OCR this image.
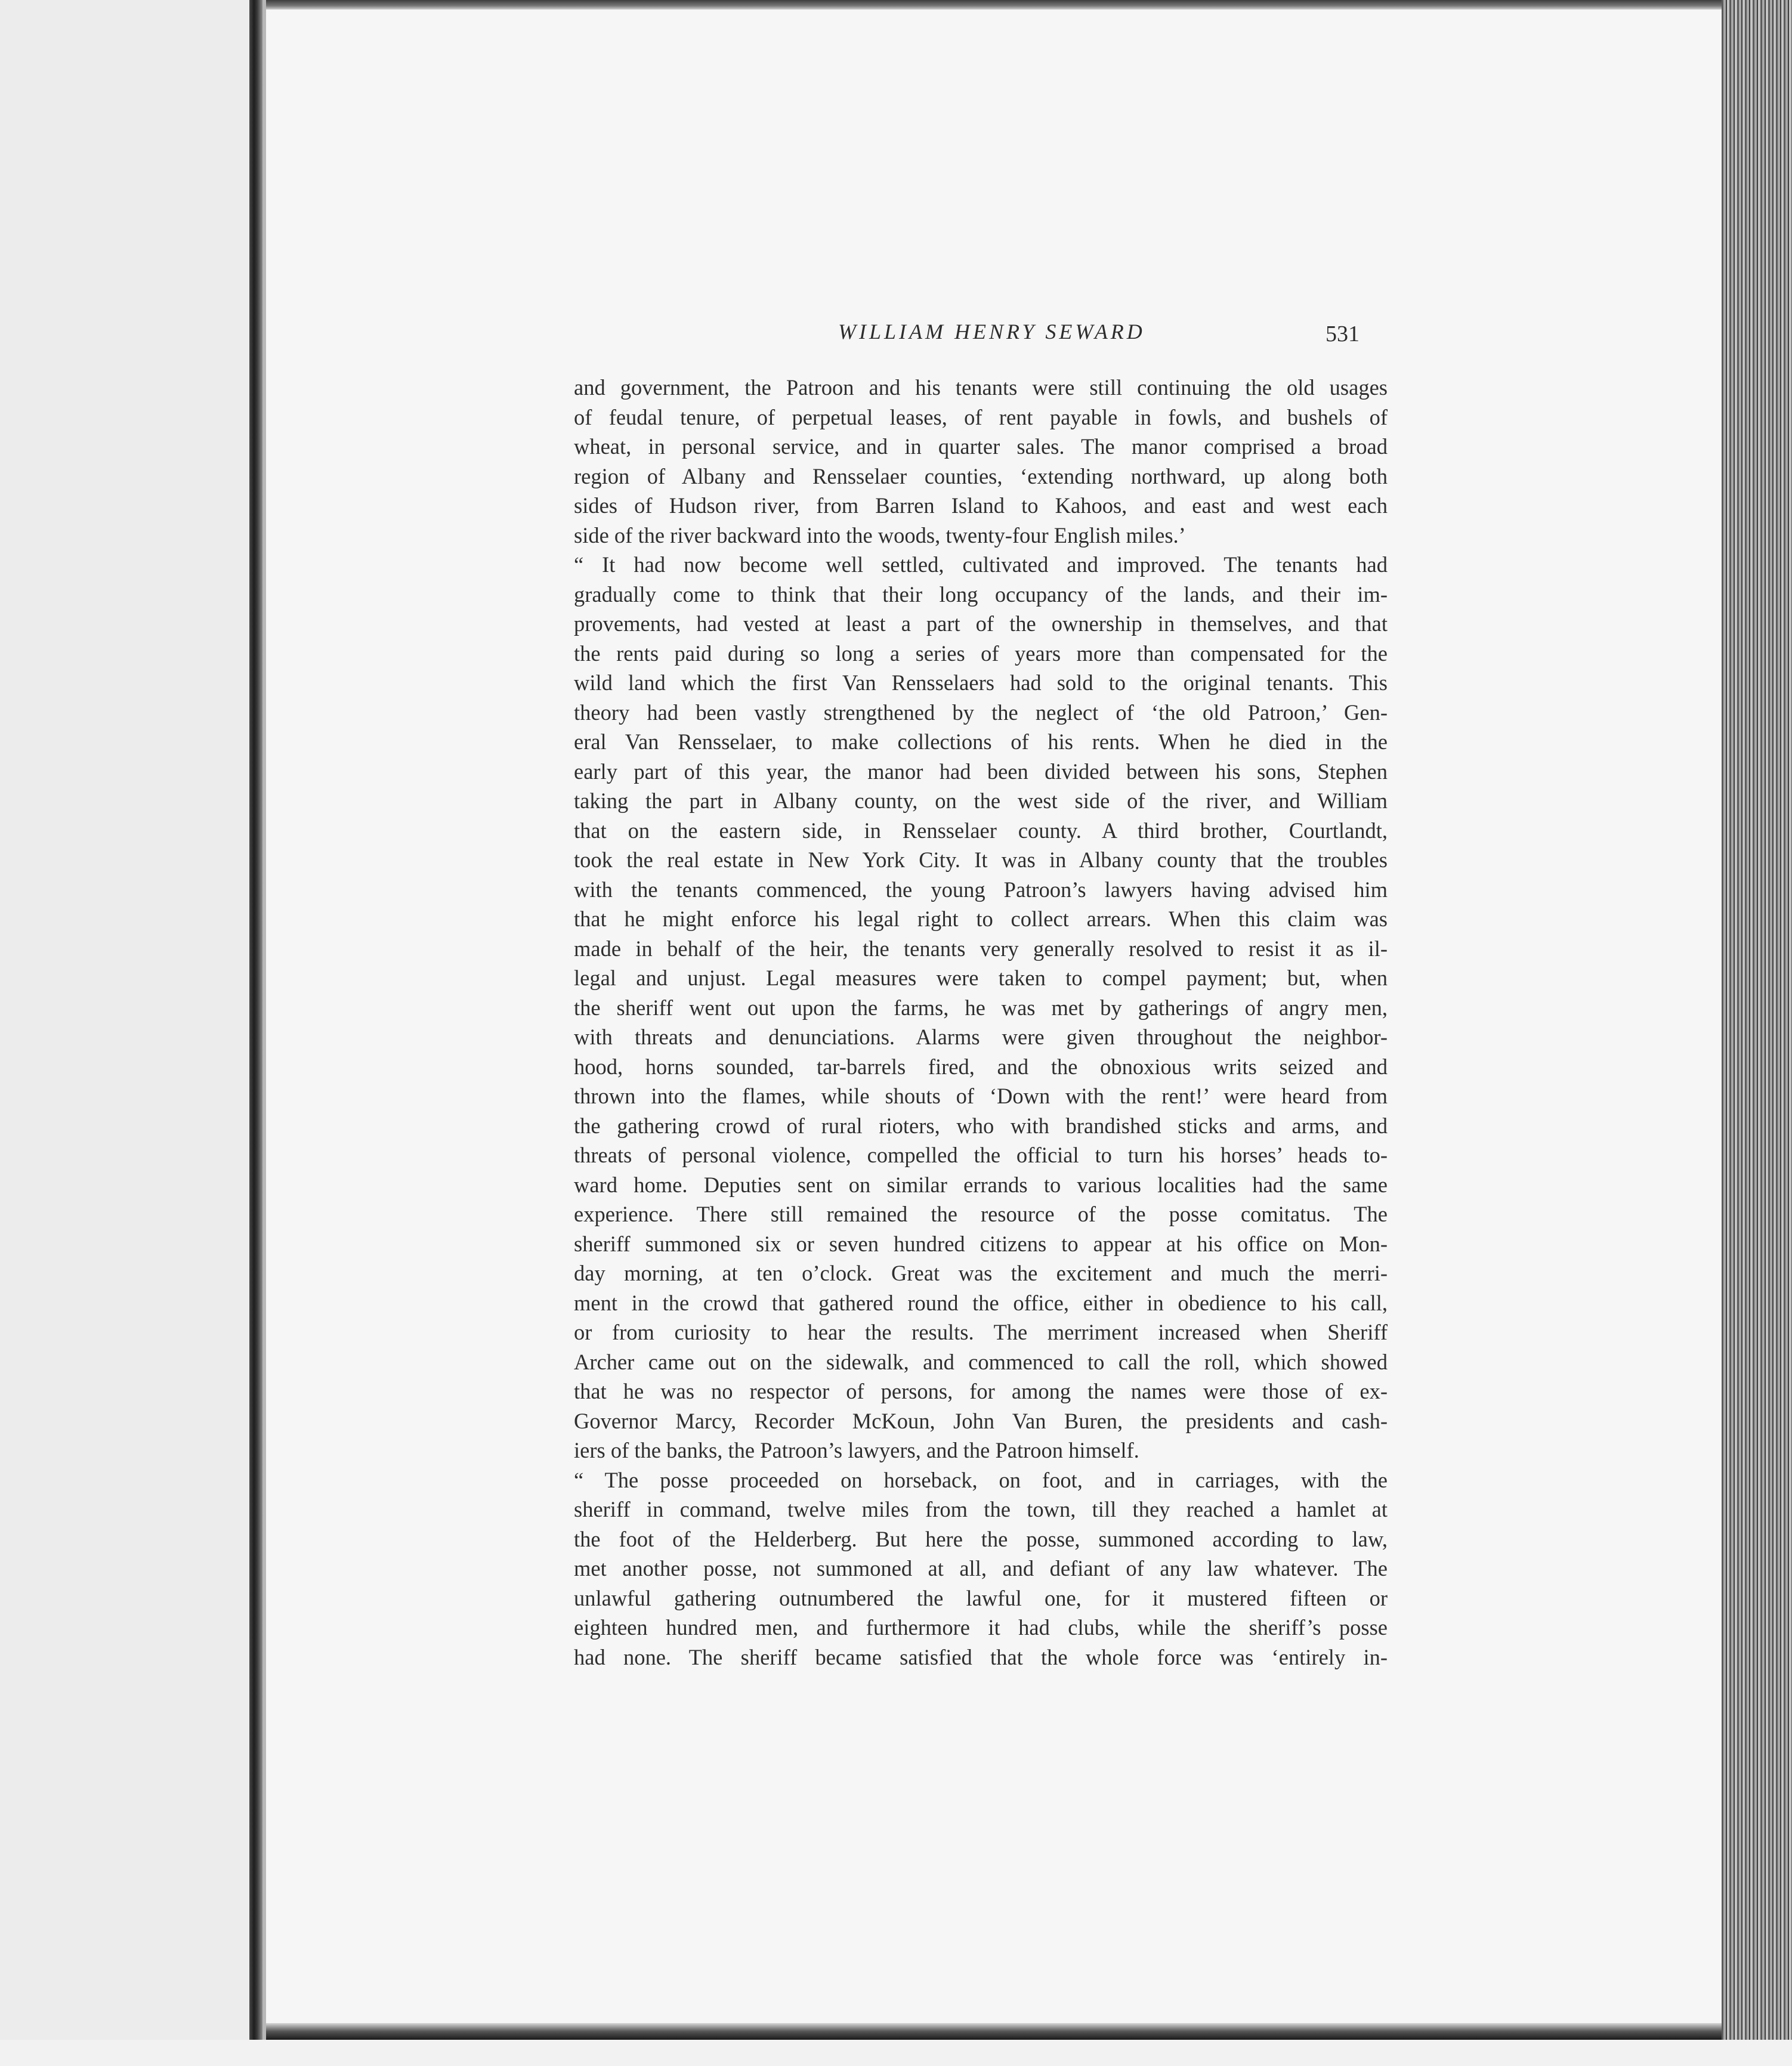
WILLIAM HENRY SEWARD	531

and government, the Patroon and his tenants were still continuing the old usages

of feudal tenure, of perpetual leases, of rent payable in fowls, and bushels of

wheat, in personal service, and in quarter sales. The manor comprised a broad

region of Albany and Rensselaer counties, ‘extending northward, up along both

sides of Hudson river, from Barren Island to Kahoos, and east and west each

side of the river backward into the woods, twenty-four English miles.’

“ It had now become well settled, cultivated and improved. The tenants had

gradually come to think that their long occupancy of the lands, and their im-

provements, had vested at least a part of the ownership in themselves, and that

the rents paid during so long a series of years more than compensated for the

wild land which the first Van Rensselaers had sold to the original tenants. This

theory had been vastly strengthened by the neglect of ‘the old Patroon,’ Gen-

eral Van Rensselaer, to make collections of his rents. When he died in the

early part of this year, the manor had been divided between his sons, Stephen

taking the part in Albany county, on the west side of the river, and William

that on the eastern side, in Rensselaer county. A third brother, Courtlandt,

took the real estate in New York City. It was in Albany county that the troubles

with the tenants commenced, the young Patroon’s lawyers having advised him

that he might enforce his legal right to collect arrears. When this claim was

made in behalf of the heir, the tenants very generally resolved to resist it as il-

legal and unjust. Legal measures were taken to compel payment; but, when

the sheriff went out upon the farms, he was met by gatherings of angry men,

with threats and denunciations. Alarms were given throughout the neighbor-

hood, horns sounded, tar-barrels fired, and the obnoxious writs seized and

thrown into the flames, while shouts of ‘Down with the rent!’ were heard from

the gathering crowd of rural rioters, who with brandished sticks and arms, and

threats of personal violence, compelled the official to turn his horses’ heads to-

ward home. Deputies sent on similar errands to various localities had the same

experience. There still remained the resource of the posse comitatus. The

sheriff summoned six or seven hundred citizens to appear at his office on Mon-

day morning, at ten o’clock. Great was the excitement and much the merri-

ment in the crowd that gathered round the office, either in obedience to his call,

or from curiosity to hear the results. The merriment increased when Sheriff

Archer came out on the sidewalk, and commenced to call the roll, which showed

that he was no respector of persons, for among the names were those of ex-

Governor Marcy, Recorder McKoun, John Van Buren, the presidents and cash-

iers of the banks, the Patroon’s lawyers, and the Patroon himself.

“ The posse proceeded on horseback, on foot, and in carriages, with the

sheriff in command, twelve miles from the town, till they reached a hamlet at

the foot of the Helderberg. But here the posse, summoned according to law,

met another posse, not summoned at all, and defiant of any law whatever. The

unlawful gathering outnumbered the lawful one, for it mustered fifteen or

eighteen hundred men, and furthermore it had clubs, while the sheriff’s posse

had none. The sheriff became satisfied that the whole force was ‘entirely in-
